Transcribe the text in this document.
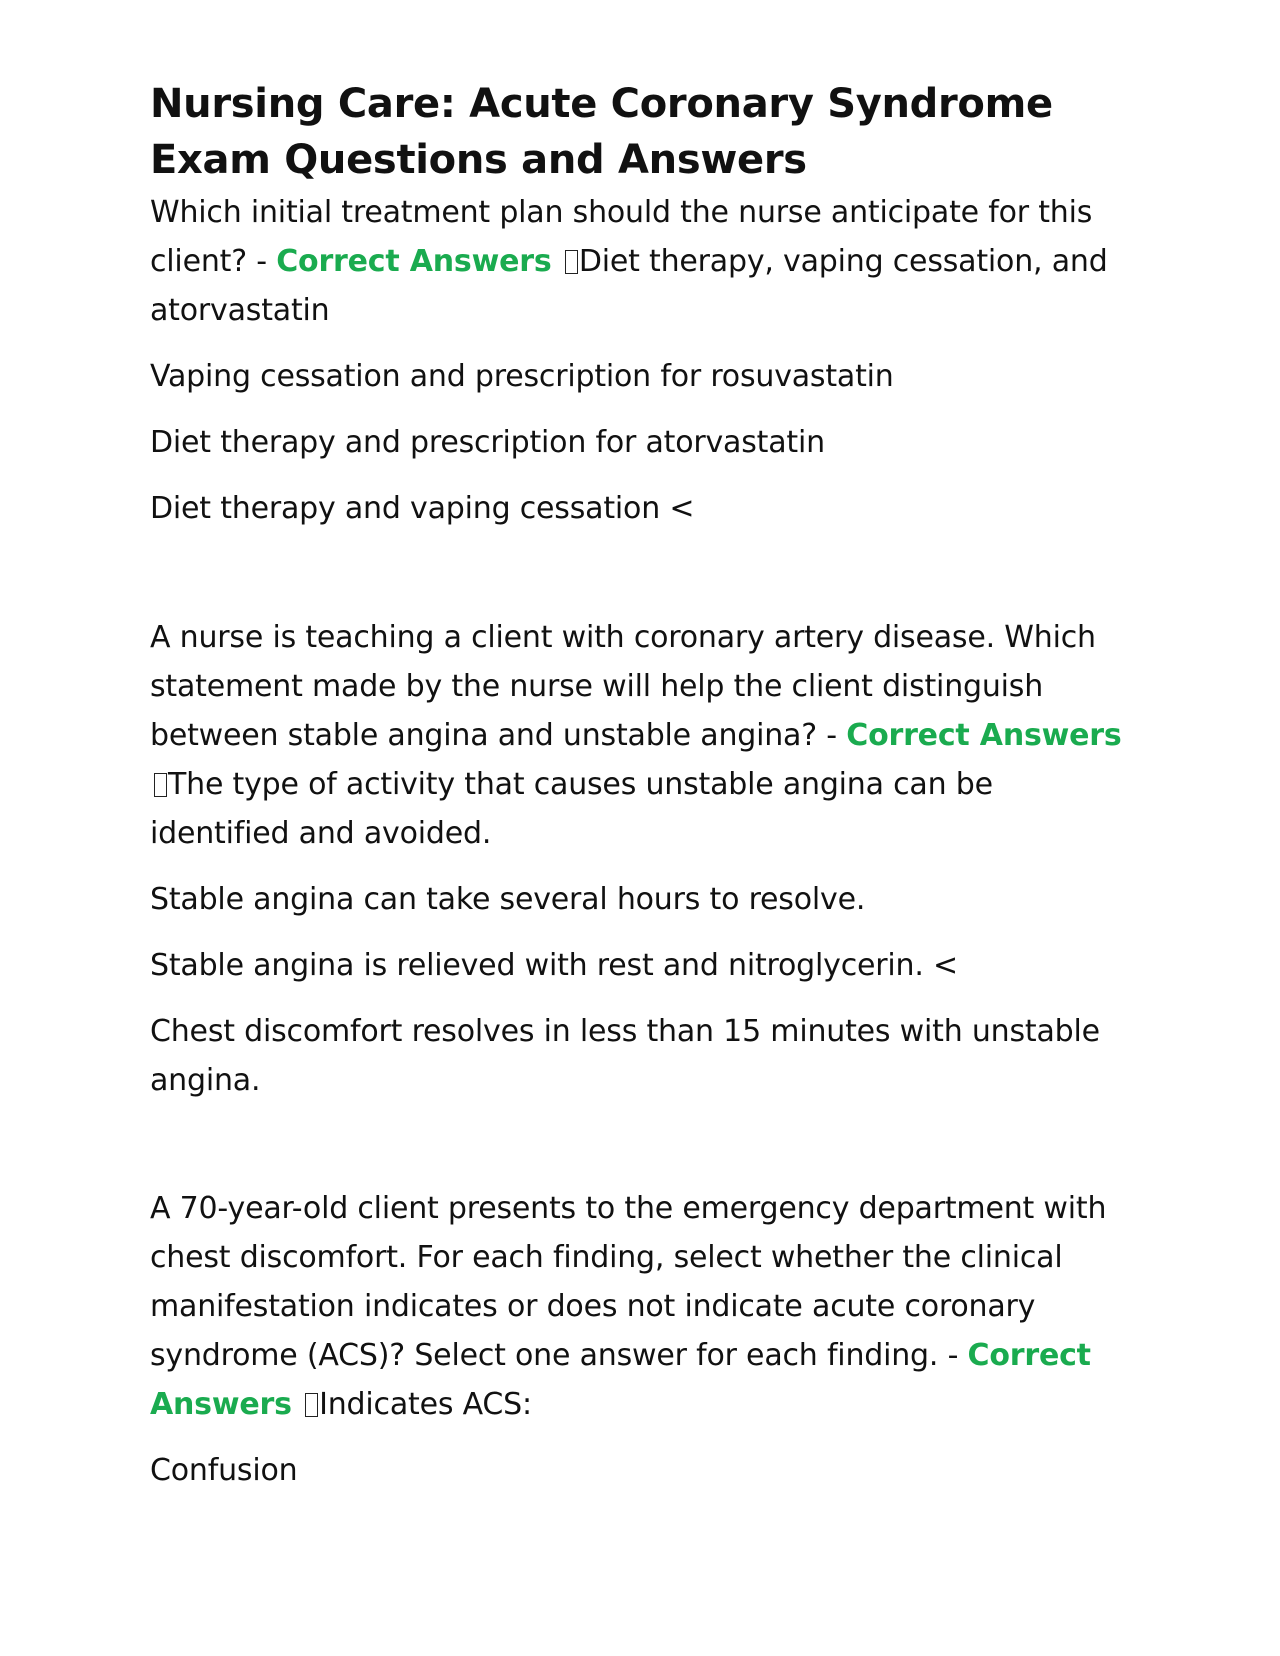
Nursing Care: Acute Coronary Syndrome Exam Questions and Answers

Which initial treatment plan should the nurse anticipate for this client? - Correct Answers Diet therapy, vaping cessation, and atorvastatin

Vaping cessation and prescription for rosuvastatin

Diet therapy and prescription for atorvastatin

Diet therapy and vaping cessation <

A nurse is teaching a client with coronary artery disease. Which statement made by the nurse will help the client distinguish between stable angina and unstable angina? - Correct Answers The type of activity that causes unstable angina can be identified and avoided.

Stable angina can take several hours to resolve.

Stable angina is relieved with rest and nitroglycerin. <

Chest discomfort resolves in less than 15 minutes with unstable angina.

A 70-year-old client presents to the emergency department with chest discomfort. For each finding, select whether the clinical manifestation indicates or does not indicate acute coronary syndrome (ACS)? Select one answer for each finding. - Correct Answers Indicates ACS:

Confusion
